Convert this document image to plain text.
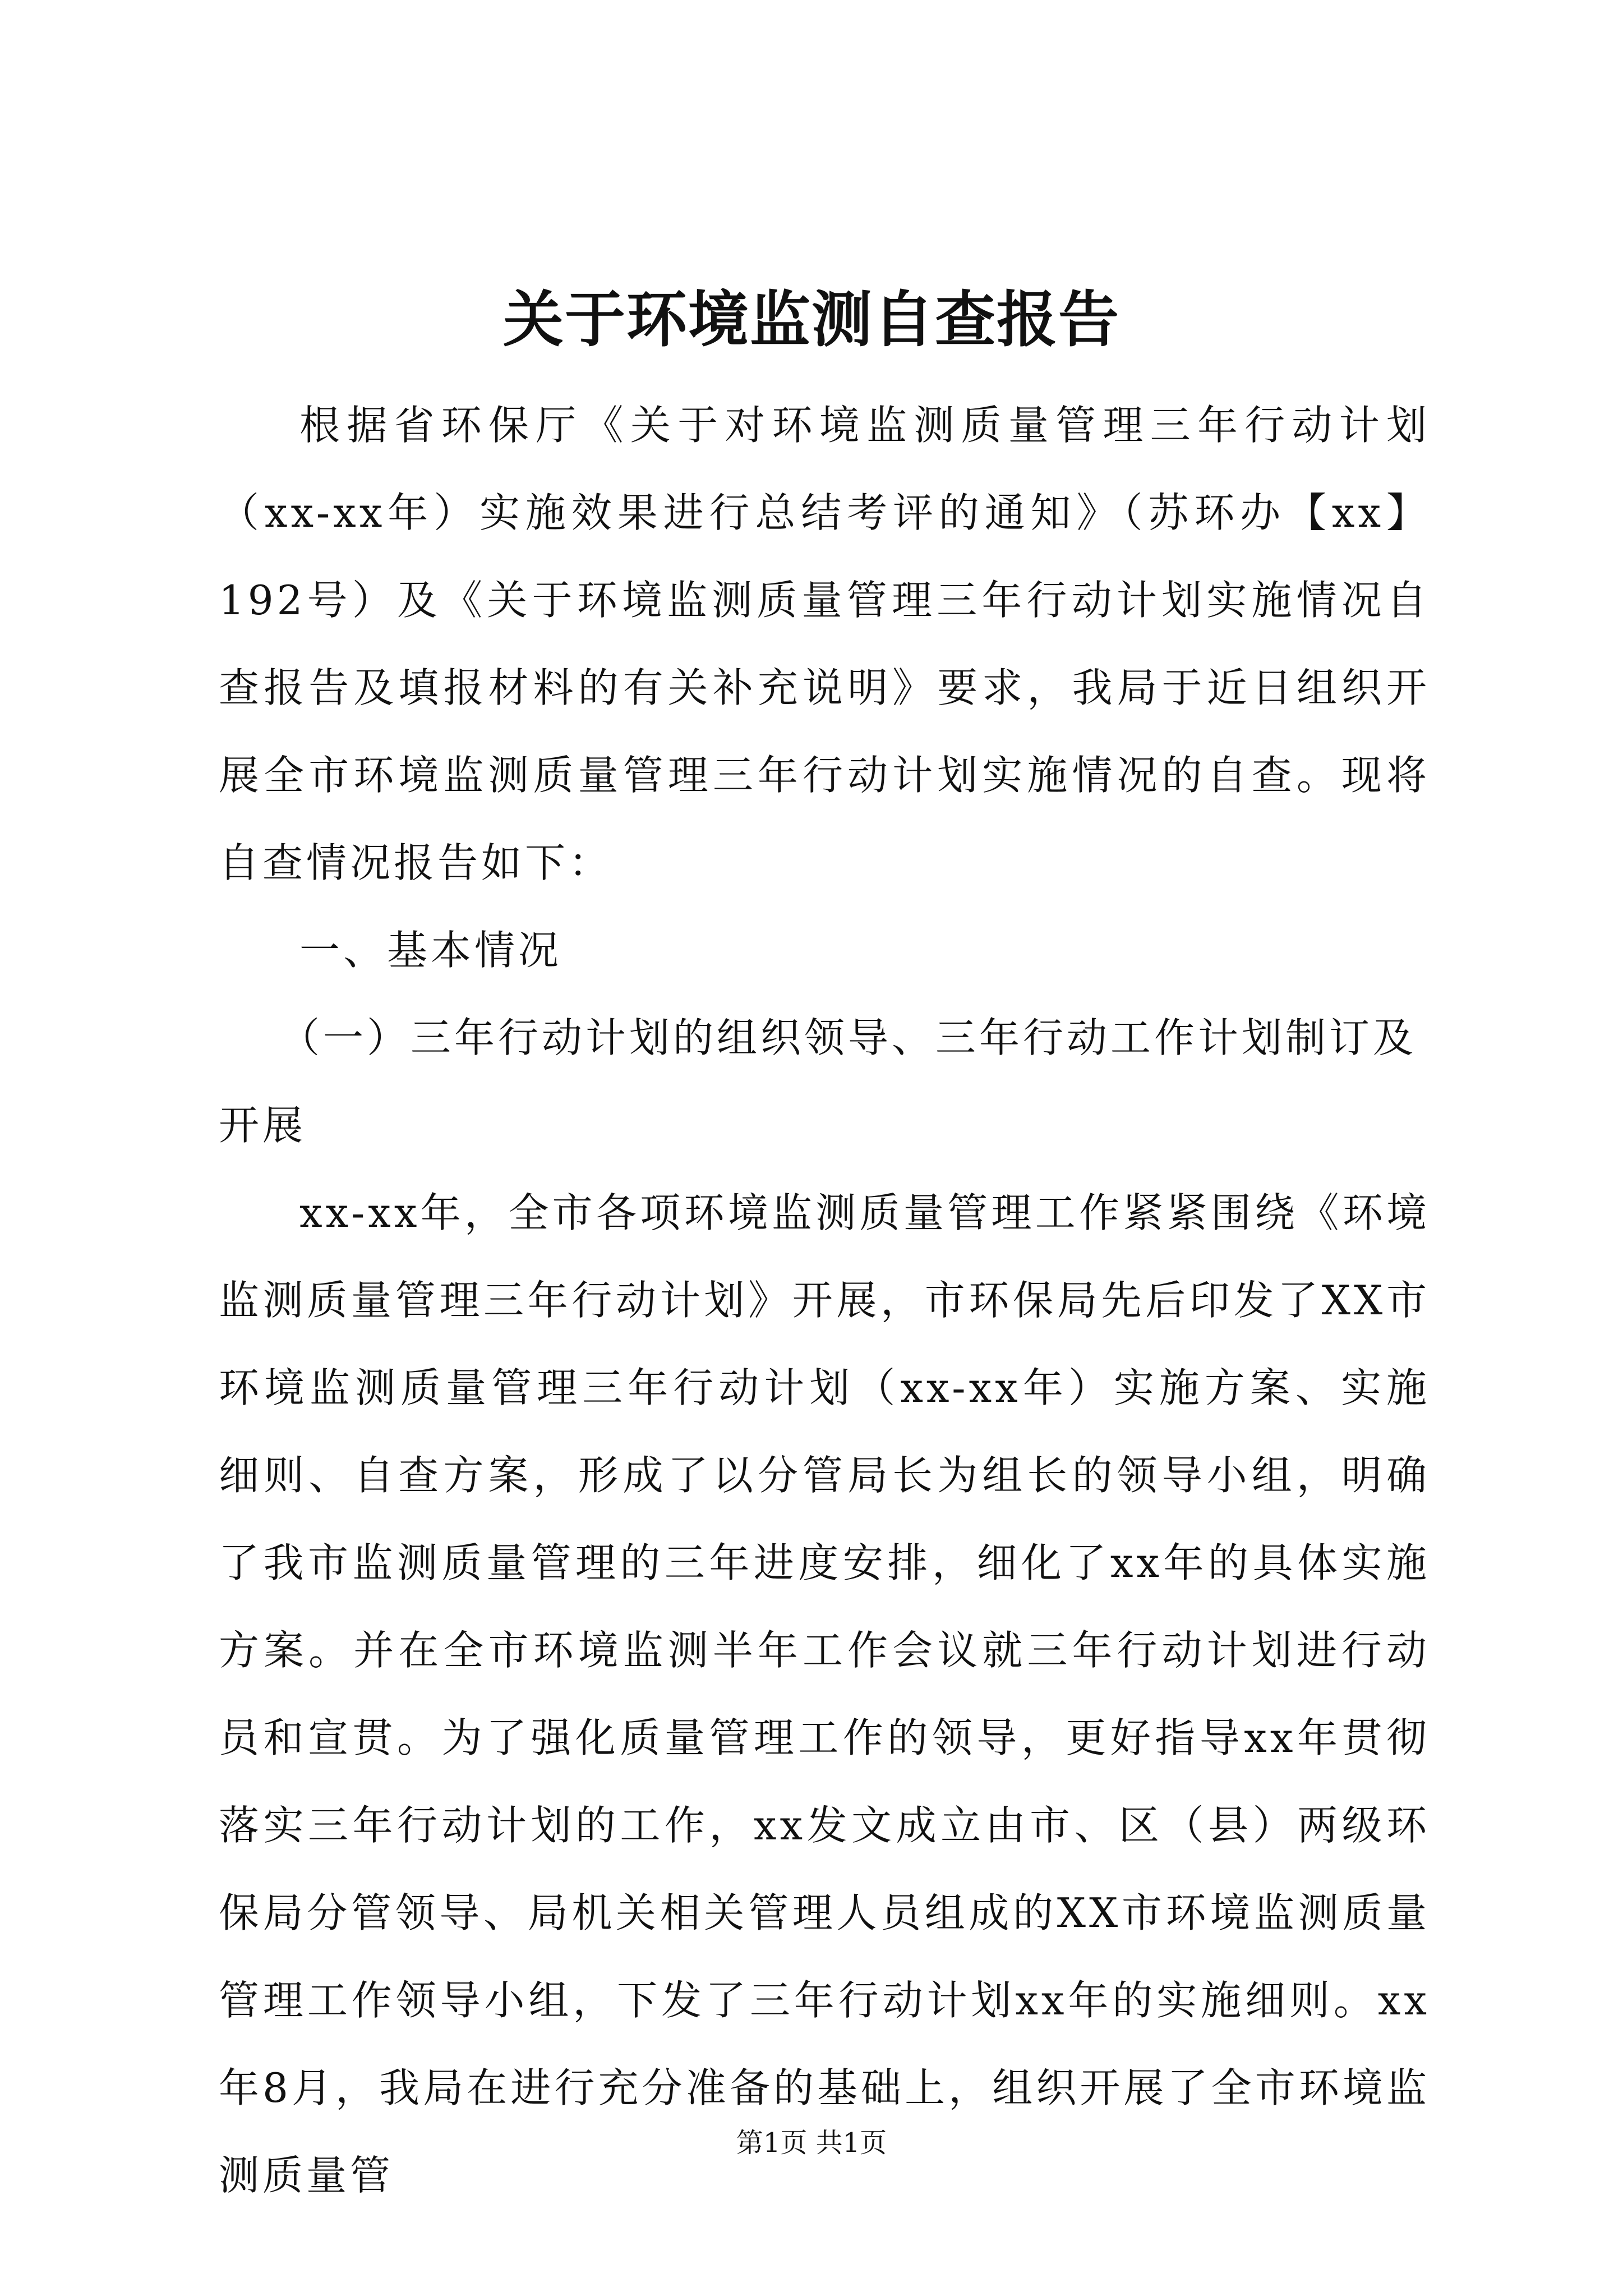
关于环境监测自查报告

根据省环保厅《关于对环境监测质量管理三年行动计划（xx-xx年）实施效果进行总结考评的通知》（苏环办【xx】192号）及《关于环境监测质量管理三年行动计划实施情况自查报告及填报材料的有关补充说明》要求，我局于近日组织开展全市环境监测质量管理三年行动计划实施情况的自查。现将自查情况报告如下：

一、基本情况

（一）三年行动计划的组织领导、三年行动工作计划制订及开展

xx-xx年，全市各项环境监测质量管理工作紧紧围绕《环境监测质量管理三年行动计划》开展，市环保局先后印发了XX市环境监测质量管理三年行动计划（xx-xx年）实施方案、实施细则、自查方案，形成了以分管局长为组长的领导小组，明确了我市监测质量管理的三年进度安排，细化了xx年的具体实施方案。并在全市环境监测半年工作会议就三年行动计划进行动员和宣贯。为了强化质量管理工作的领导，更好指导xx年贯彻落实三年行动计划的工作，xx发文成立由市、区（县）两级环保局分管领导、局机关相关管理人员组成的XX市环境监测质量管理工作领导小组，下发了三年行动计划xx年的实施细则。xx年8月，我局在进行充分准备的基础上，组织开展了全市环境监测质量管

第1页 共1页
